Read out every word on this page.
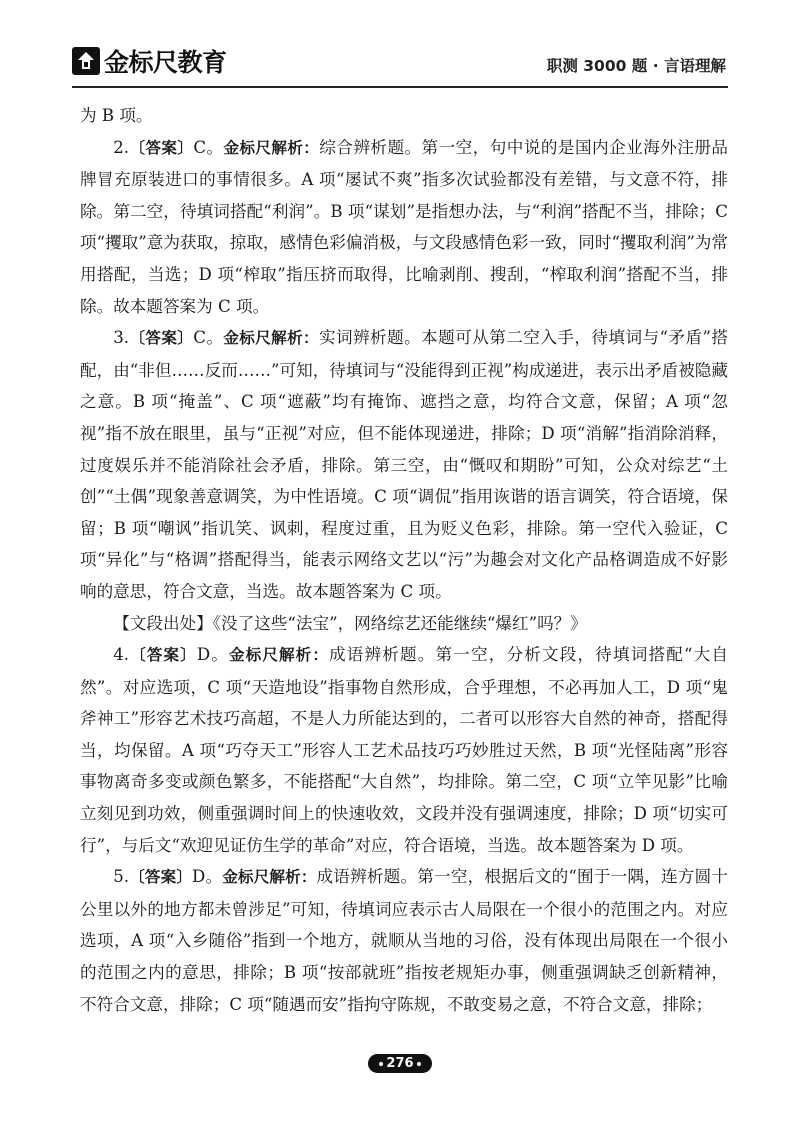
金标尺教育	职测 3000 题 · 言语理解

为 B 项。

2.〔答案〕C。金标尺解析：综合辨析题。第一空，句中说的是国内企业海外注册品牌冒充原装进口的事情很多。A 项“屡试不爽”指多次试验都没有差错，与文意不符，排除。第二空，待填词搭配“利润”。B 项“谋划”是指想办法，与“利润”搭配不当，排除；C 项“攫取”意为获取，掠取，感情色彩偏消极，与文段感情色彩一致，同时“攫取利润”为常用搭配，当选；D 项“榨取”指压挤而取得，比喻剥削、搜刮，“榨取利润”搭配不当，排除。故本题答案为 C 项。

3.〔答案〕C。金标尺解析：实词辨析题。本题可从第二空入手，待填词与“矛盾”搭配，由“非但……反而……”可知，待填词与“没能得到正视”构成递进，表示出矛盾被隐藏之意。B 项“掩盖”、C 项“遮蔽”均有掩饰、遮挡之意，均符合文意，保留；A 项“忽视”指不放在眼里，虽与“正视”对应，但不能体现递进，排除；D 项“消解”指消除消释，过度娱乐并不能消除社会矛盾，排除。第三空，由“慨叹和期盼”可知，公众对综艺“土创”“土偶”现象善意调笑，为中性语境。C 项“调侃”指用诙谐的语言调笑，符合语境，保留；B 项“嘲讽”指讥笑、讽刺，程度过重，且为贬义色彩，排除。第一空代入验证，C 项“异化”与“格调”搭配得当，能表示网络文艺以“污”为趣会对文化产品格调造成不好影响的意思，符合文意，当选。故本题答案为 C 项。

【文段出处】《没了这些“法宝”，网络综艺还能继续“爆红”吗？》

4.〔答案〕D。金标尺解析：成语辨析题。第一空，分析文段，待填词搭配“大自然”。对应选项，C 项“天造地设”指事物自然形成，合乎理想，不必再加人工，D 项“鬼斧神工”形容艺术技巧高超，不是人力所能达到的，二者可以形容大自然的神奇，搭配得当，均保留。A 项“巧夺天工”形容人工艺术品技巧巧妙胜过天然，B 项“光怪陆离”形容事物离奇多变或颜色繁多，不能搭配“大自然”，均排除。第二空，C 项“立竿见影”比喻立刻见到功效，侧重强调时间上的快速收效，文段并没有强调速度，排除；D 项“切实可行”，与后文“欢迎见证仿生学的革命”对应，符合语境，当选。故本题答案为 D 项。

5.〔答案〕D。金标尺解析：成语辨析题。第一空，根据后文的“囿于一隅，连方圆十公里以外的地方都未曾涉足”可知，待填词应表示古人局限在一个很小的范围之内。对应选项，A 项“入乡随俗”指到一个地方，就顺从当地的习俗，没有体现出局限在一个很小的范围之内的意思，排除；B 项“按部就班”指按老规矩办事，侧重强调缺乏创新精神，不符合文意，排除；C 项“随遇而安”指拘守陈规，不敢变易之意，不符合文意，排除；

276
